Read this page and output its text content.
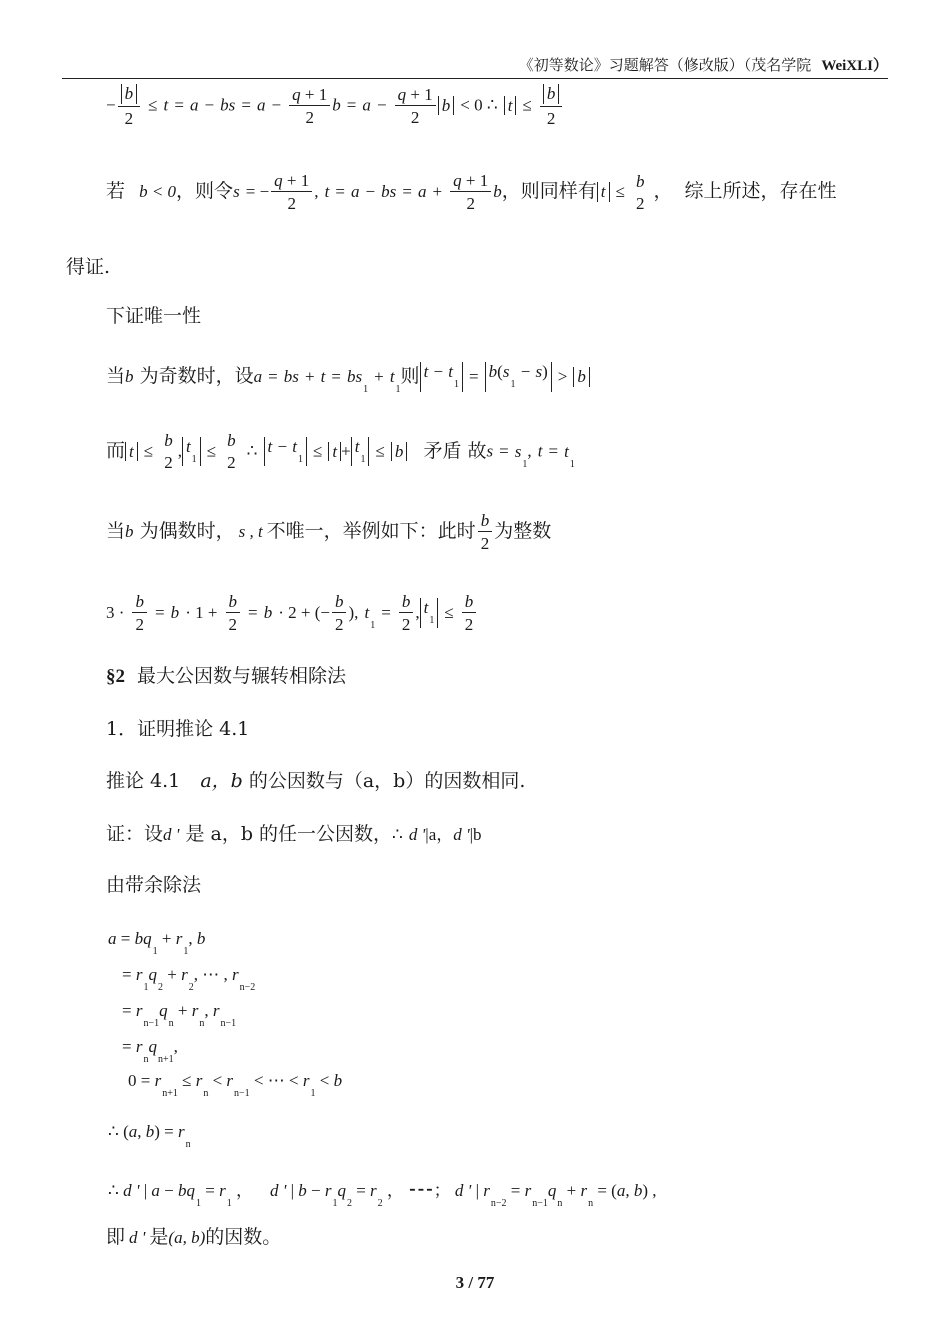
《初等数论》习题解答（修改版）（茂名学院 WeiXLI）
− $\frac{b}{2} \le t = a$ − bs = $a - \frac{q + 1}{2}$ $b = a - \frac{q + 1}{2}$ b < 0 ∴ $t \le \frac{b}{2}$
若 b < 0，则令s = − $\frac{q + 1}{2}$ , t = a − bs = $a + \frac{q + 1}{2}$ b，则同样有 t ≤
b
2
， 综上所述，存在性
得证.
下证唯一性
当b 为奇数时，设a = bs + $t = bs_1 + t_1$则 $t - t_1 = b(s_1 - s) > b$
而 t ≤
b
2
, $t_1$ ≤
b
2
∴ $t - t_1 \le t + t_1 \le b$ 矛盾 故$s = s_1$, $t = t_1$
当b 为偶数时， s , t 不唯一，举例如下：此时 $\frac{b}{2}$ 为整数
$3 \cdot \frac{b}{2} = b \cdot 1 + \frac{b}{2} = b \cdot 2$ + (− $\frac{b}{2}$ ), $t_1 = \frac{b}{2}$ , $t_1 \le \frac{b}{2}$
§2 最大公因数与辗转相除法
1．证明推论 4.1
推论 4.1 a，b 的公因数与（a，b）的因数相同.
证：设d ' 是 a，b 的任一公因数，∴ d '|a，d '|b
由带余除法
$a = bq_1 + r_1$, b
= $r_1q_2 + r_2$, ⋯ , $r_{n-2}$
= $r_{n-1}q_n + r_n$, $r_{n-1}$
= $r_nq_{n+1}$,
$0 = r_{n+1} \le r_n < r_{n-1}$ < ⋯ < $r_1 < b$
∴ (a, $b) = r_n$
∴ d ' | $a - bq_1 = r_1$ ，    d ' | $b - r_1q_2 = r_2$ ， ⁃⁃⁃； d ' | $r_{n-2} = r_{n-1}q_n + r_n = (a$, b) ,
即 d ' 是(a, b)的因数。
3 / 77
